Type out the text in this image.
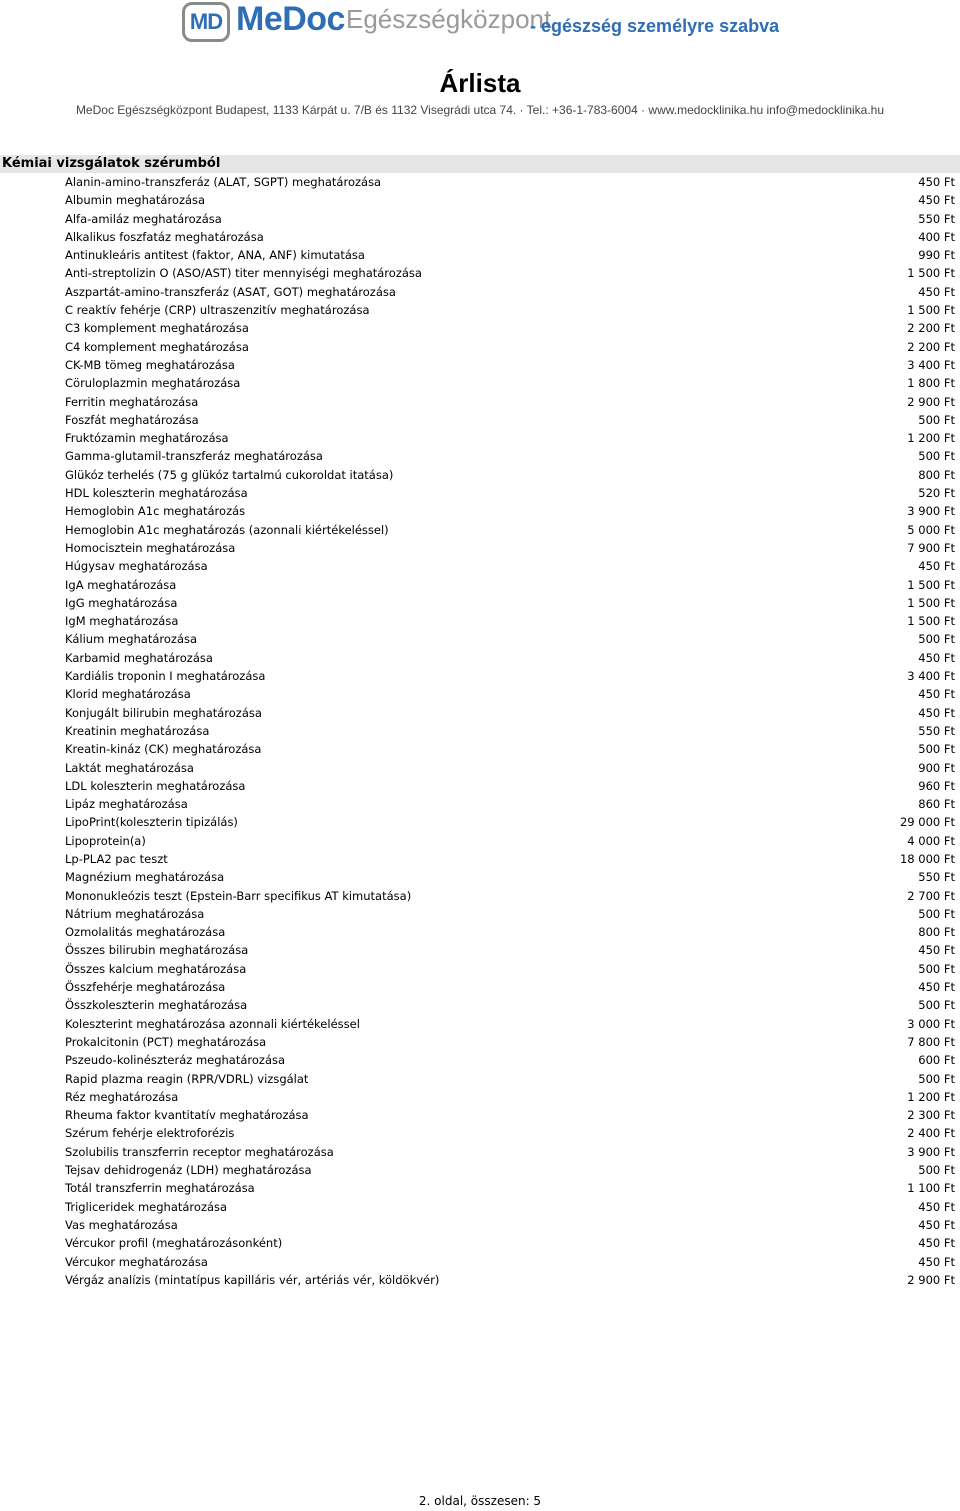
MD MeDoc Egészségközpont
- egészség személyre szabva
Árlista
MeDoc Egészségközpont Budapest, 1133 Kárpát u. 7/B és 1132 Visegrádi utca 74. · Tel.: +36-1-783-6004 · www.medocklinika.hu info@medocklinika.hu
Kémiai vizsgálatok szérumból
Alanin-amino-transzferáz (ALAT, SGPT) meghatározása	450 Ft
Albumin meghatározása	450 Ft
Alfa-amiláz meghatározása	550 Ft
Alkalikus foszfatáz meghatározása	400 Ft
Antinukleáris antitest (faktor, ANA, ANF) kimutatása	990 Ft
Anti-streptolizin O (ASO/AST) titer mennyiségi meghatározása	1 500 Ft
Aszpartát-amino-transzferáz (ASAT, GOT) meghatározása	450 Ft
C reaktív fehérje (CRP) ultraszenzitív meghatározása	1 500 Ft
C3 komplement meghatározása	2 200 Ft
C4 komplement meghatározása	2 200 Ft
CK-MB tömeg meghatározása	3 400 Ft
Cöruloplazmin meghatározása	1 800 Ft
Ferritin meghatározása	2 900 Ft
Foszfát meghatározása	500 Ft
Fruktózamin meghatározása	1 200 Ft
Gamma-glutamil-transzferáz meghatározása	500 Ft
Glükóz terhelés (75 g glükóz tartalmú cukoroldat itatása)	800 Ft
HDL koleszterin meghatározása	520 Ft
Hemoglobin A1c meghatározás	3 900 Ft
Hemoglobin A1c meghatározás (azonnali kiértékeléssel)	5 000 Ft
Homocisztein meghatározása	7 900 Ft
Húgysav meghatározása	450 Ft
IgA meghatározása	1 500 Ft
IgG meghatározása	1 500 Ft
IgM meghatározása	1 500 Ft
Kálium meghatározása	500 Ft
Karbamid meghatározása	450 Ft
Kardiális troponin I meghatározása	3 400 Ft
Klorid meghatározása	450 Ft
Konjugált bilirubin meghatározása	450 Ft
Kreatinin meghatározása	550 Ft
Kreatin-kináz (CK) meghatározása	500 Ft
Laktát meghatározása	900 Ft
LDL koleszterin meghatározása	960 Ft
Lipáz meghatározása	860 Ft
LipoPrint(koleszterin tipizálás)	29 000 Ft
Lipoprotein(a)	4 000 Ft
Lp-PLA2 pac teszt	18 000 Ft
Magnézium meghatározása	550 Ft
Mononukleózis teszt (Epstein-Barr specifikus AT kimutatása)	2 700 Ft
Nátrium meghatározása	500 Ft
Ozmolalitás meghatározása	800 Ft
Összes bilirubin meghatározása	450 Ft
Összes kalcium meghatározása	500 Ft
Összfehérje meghatározása	450 Ft
Összkoleszterin meghatározása	500 Ft
Koleszterint meghatározása azonnali kiértékeléssel	3 000 Ft
Prokalcitonin (PCT) meghatározása	7 800 Ft
Pszeudo-kolinészteráz meghatározása	600 Ft
Rapid plazma reagin (RPR/VDRL) vizsgálat	500 Ft
Réz meghatározása	1 200 Ft
Rheuma faktor kvantitatív meghatározása	2 300 Ft
Szérum fehérje elektroforézis	2 400 Ft
Szolubilis transzferrin receptor meghatározása	3 900 Ft
Tejsav dehidrogenáz (LDH) meghatározása	500 Ft
Totál transzferrin meghatározása	1 100 Ft
Trigliceridek meghatározása	450 Ft
Vas meghatározása	450 Ft
Vércukor profil (meghatározásonként)	450 Ft
Vércukor meghatározása	450 Ft
Vérgáz analízis (mintatípus kapilláris vér, artériás vér, köldökvér)	2 900 Ft
2. oldal, összesen: 5
